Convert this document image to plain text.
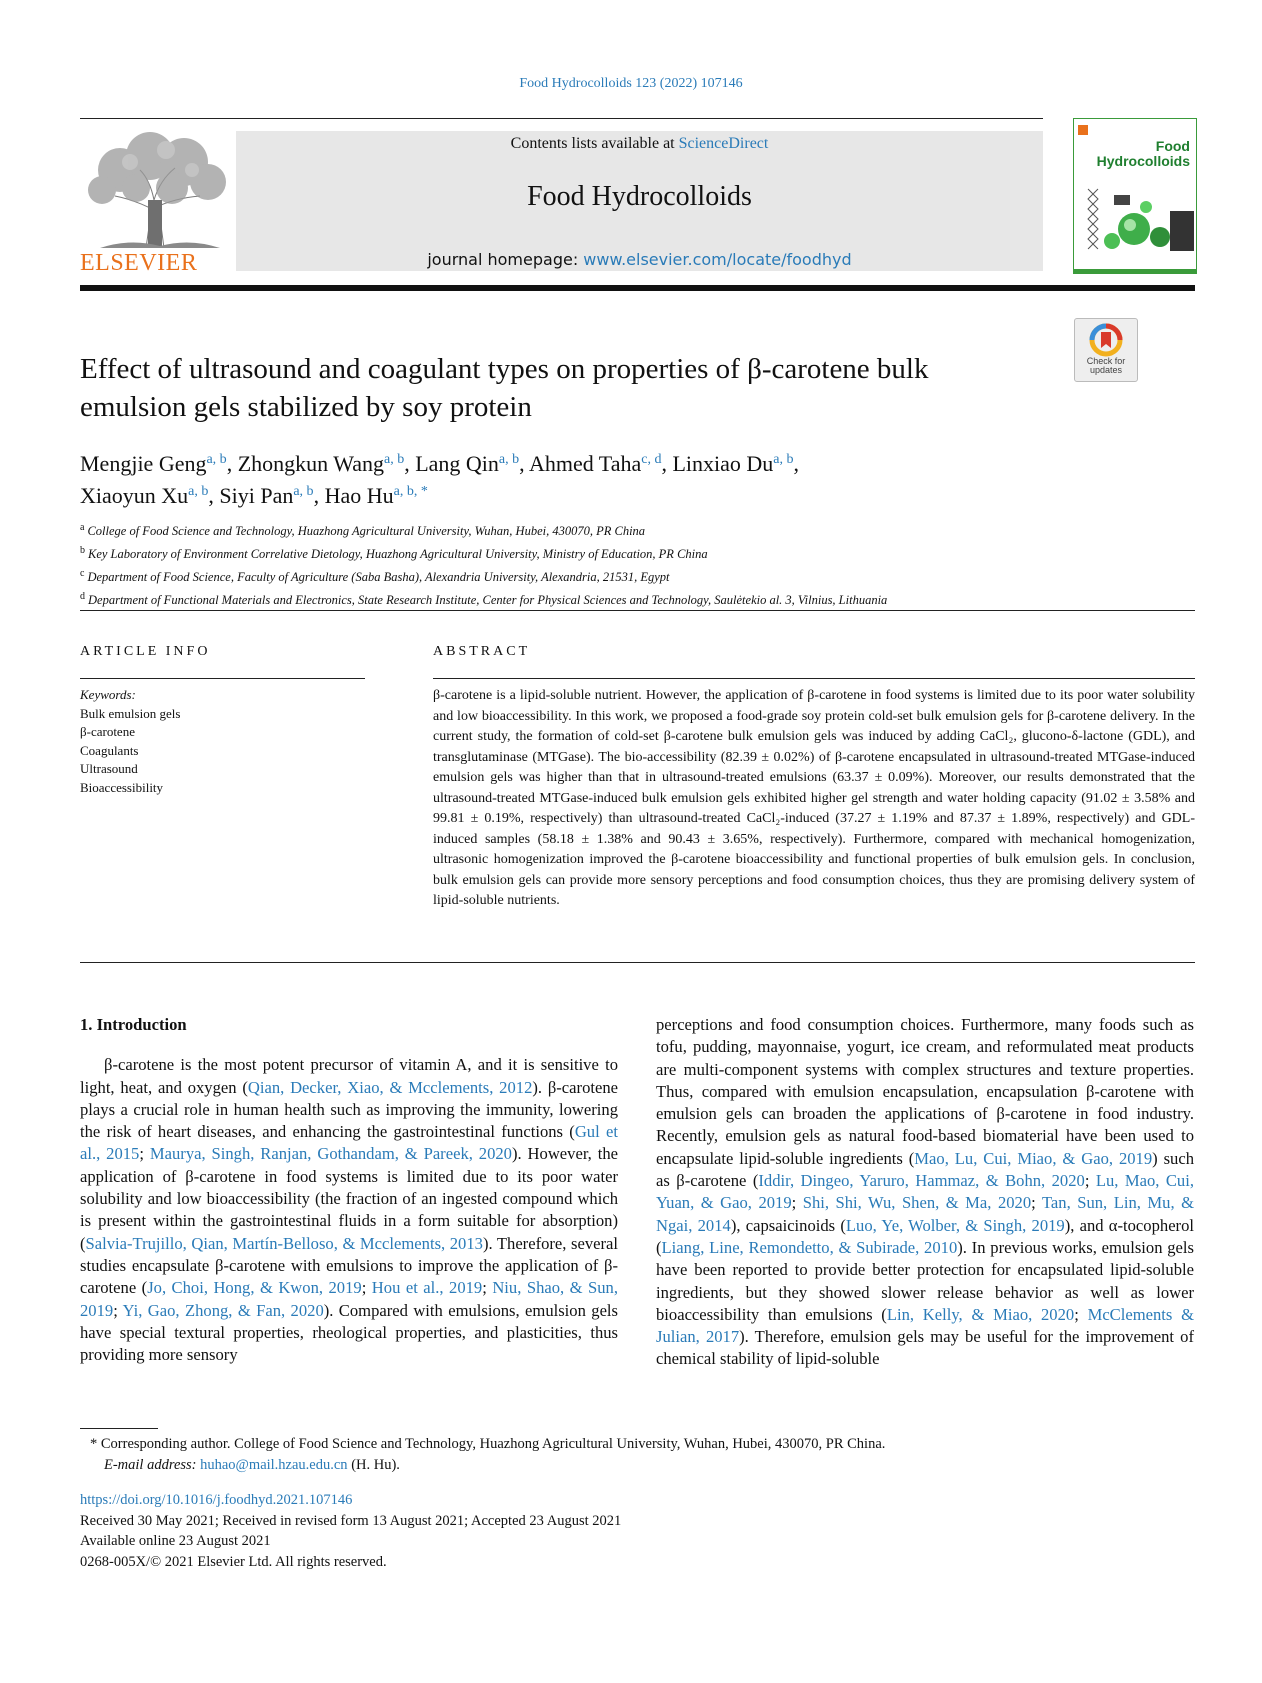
Food Hydrocolloids 123 (2022) 107146
ELSEVIER
Contents lists available at ScienceDirect
Food Hydrocolloids
journal homepage: www.elsevier.com/locate/foodhyd
Food
Hydrocolloids
Check for
updates
Effect of ultrasound and coagulant types on properties of β-carotene bulk emulsion gels stabilized by soy protein
Mengjie Geng$^{a, b}$, Zhongkun Wang$^{a, b}$, Lang Qin$^{a, b}$, Ahmed Taha$^{c, d}$, Linxiao Du$^{a, b}$,
Xiaoyun Xu$^{a, b}$, Siyi Pan$^{a, b}$, Hao $Hu^{a, b, *}$
$^a$ College of Food Science and Technology, Huazhong Agricultural University, Wuhan, Hubei, 430070, PR China
$^b$ Key Laboratory of Environment Correlative Dietology, Huazhong Agricultural University, Ministry of Education, PR China
$^c$ Department of Food Science, Faculty of Agriculture (Saba Basha), Alexandria University, Alexandria, 21531, Egypt
$^d$ Department of Functional Materials and Electronics, State Research Institute, Center for Physical Sciences and Technology, Saulėtekio al. 3, Vilnius, Lithuania
ARTICLE INFO
Keywords:
Bulk emulsion gels
β-carotene
Coagulants
Ultrasound
Bioaccessibility
ABSTRACT
β-carotene is a lipid-soluble nutrient. However, the application of β-carotene in food systems is limited due to its poor water solubility and low bioaccessibility. In this work, we proposed a food-grade soy protein cold-set bulk emulsion gels for β-carotene delivery. In the current study, the formation of cold-set β-carotene bulk emulsion gels was induced by adding CaCl₂, glucono-δ-lactone (GDL), and transglutaminase (MTGase). The bio-accessibility (82.39 ± 0.02%) of β-carotene encapsulated in ultrasound-treated MTGase-induced emulsion gels was higher than that in ultrasound-treated emulsions (63.37 ± 0.09%). Moreover, our results demonstrated that the ultrasound-treated MTGase-induced bulk emulsion gels exhibited higher gel strength and water holding capacity (91.02 ± 3.58% and 99.81 ± 0.19%, respectively) than ultrasound-treated CaCl₂-induced (37.27 ± 1.19% and 87.37 ± 1.89%, respectively) and GDL-induced samples (58.18 ± 1.38% and 90.43 ± 3.65%, respectively). Furthermore, compared with mechanical homogenization, ultrasonic homogenization improved the β-carotene bioaccessibility and functional properties of bulk emulsion gels. In conclusion, bulk emulsion gels can provide more sensory perceptions and food consumption choices, thus they are promising delivery system of lipid-soluble nutrients.
1. Introduction
β-carotene is the most potent precursor of vitamin A, and it is sensitive to light, heat, and oxygen (Qian, Decker, Xiao, & Mcclements, 2012). β-carotene plays a crucial role in human health such as improving the immunity, lowering the risk of heart diseases, and enhancing the gastrointestinal functions (Gul et al., 2015; Maurya, Singh, Ranjan, Gothandam, & Pareek, 2020). However, the application of β-carotene in food systems is limited due to its poor water solubility and low bioaccessibility (the fraction of an ingested compound which is present within the gastrointestinal fluids in a form suitable for absorption) (Salvia-Trujillo, Qian, Martín-Belloso, & Mcclements, 2013). Therefore, several studies encapsulate β-carotene with emulsions to improve the application of β-carotene (Jo, Choi, Hong, & Kwon, 2019; Hou et al., 2019; Niu, Shao, & Sun, 2019; Yi, Gao, Zhong, & Fan, 2020). Compared with emulsions, emulsion gels have special textural properties, rheological properties, and plasticities, thus providing more sensory
perceptions and food consumption choices. Furthermore, many foods such as tofu, pudding, mayonnaise, yogurt, ice cream, and reformulated meat products are multi-component systems with complex structures and texture properties. Thus, compared with emulsion encapsulation, encapsulation β-carotene with emulsion gels can broaden the applications of β-carotene in food industry. Recently, emulsion gels as natural food-based biomaterial have been used to encapsulate lipid-soluble ingredients (Mao, Lu, Cui, Miao, & Gao, 2019) such as β-carotene (Iddir, Dingeo, Yaruro, Hammaz, & Bohn, 2020; Lu, Mao, Cui, Yuan, & Gao, 2019; Shi, Shi, Wu, Shen, & Ma, 2020; Tan, Sun, Lin, Mu, & Ngai, 2014), capsaicinoids (Luo, Ye, Wolber, & Singh, 2019), and α-tocopherol (Liang, Line, Remondetto, & Subirade, 2010). In previous works, emulsion gels have been reported to provide better protection for encapsulated lipid-soluble ingredients, but they showed slower release behavior as well as lower bioaccessibility than emulsions (Lin, Kelly, & Miao, 2020; McClements & Julian, 2017). Therefore, emulsion gels may be useful for the improvement of chemical stability of lipid-soluble
* Corresponding author. College of Food Science and Technology, Huazhong Agricultural University, Wuhan, Hubei, 430070, PR China.
E-mail address: huhao@mail.hzau.edu.cn (H. Hu).
https://doi.org/10.1016/j.foodhyd.2021.107146
Received 30 May 2021; Received in revised form 13 August 2021; Accepted 23 August 2021
Available online 23 August 2021
0268-005X/© 2021 Elsevier Ltd. All rights reserved.
